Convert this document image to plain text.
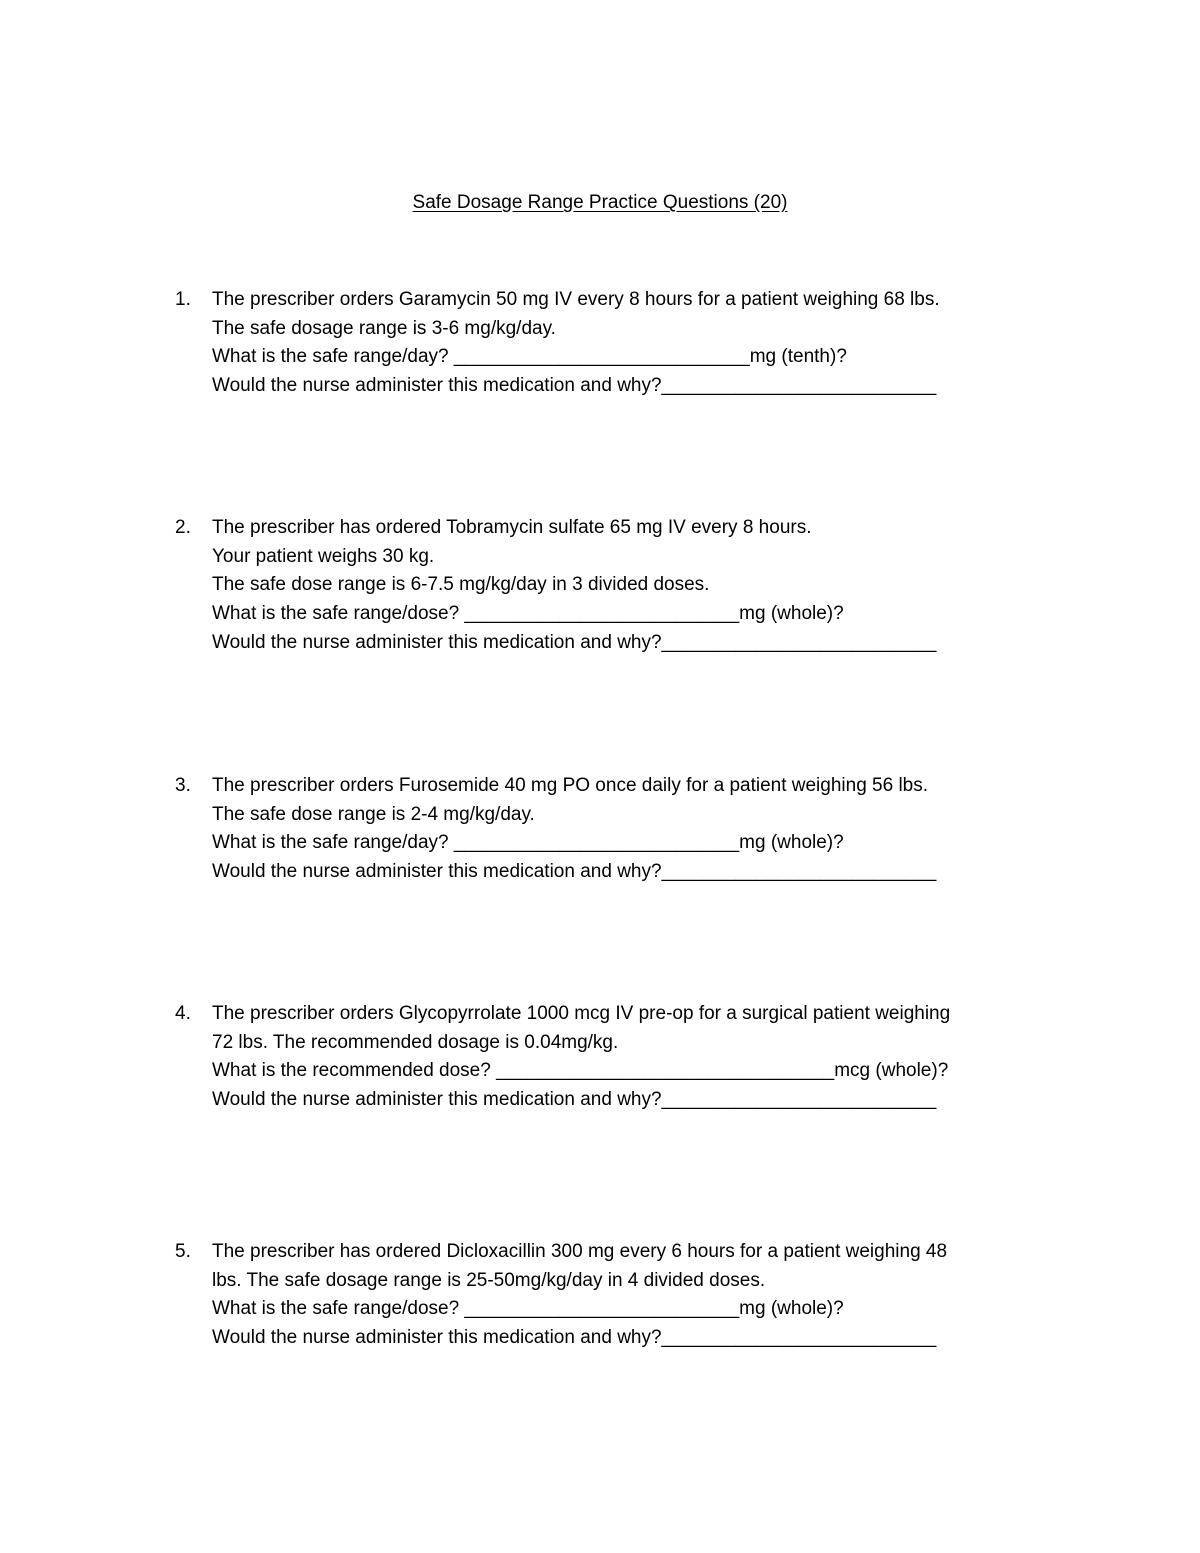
Safe Dosage Range Practice Questions (20)
1.	The prescriber orders Garamycin 50 mg IV every 8 hours for a patient weighing 68 lbs.
The safe dosage range is 3-6 mg/kg/day.
What is the safe range/day? ____________________________mg (tenth)?
Would the nurse administer this medication and why?__________________________
2.	The prescriber has ordered Tobramycin sulfate 65 mg IV every 8 hours.
Your patient weighs 30 kg.
The safe dose range is 6-7.5 mg/kg/day in 3 divided doses.
What is the safe range/dose? __________________________mg (whole)?
Would the nurse administer this medication and why?__________________________
3.	The prescriber orders Furosemide 40 mg PO once daily for a patient weighing 56 lbs.
The safe dose range is 2-4 mg/kg/day.
What is the safe range/day? ___________________________mg (whole)?
Would the nurse administer this medication and why?__________________________
4.	The prescriber orders Glycopyrrolate 1000 mcg IV pre-op for a surgical patient weighing
72 lbs. The recommended dosage is 0.04mg/kg.
What is the recommended dose? ________________________________mcg (whole)?
Would the nurse administer this medication and why?__________________________
5.	The prescriber has ordered Dicloxacillin 300 mg every 6 hours for a patient weighing 48
lbs. The safe dosage range is 25-50mg/kg/day in 4 divided doses.
What is the safe range/dose? __________________________mg (whole)?
Would the nurse administer this medication and why?__________________________
